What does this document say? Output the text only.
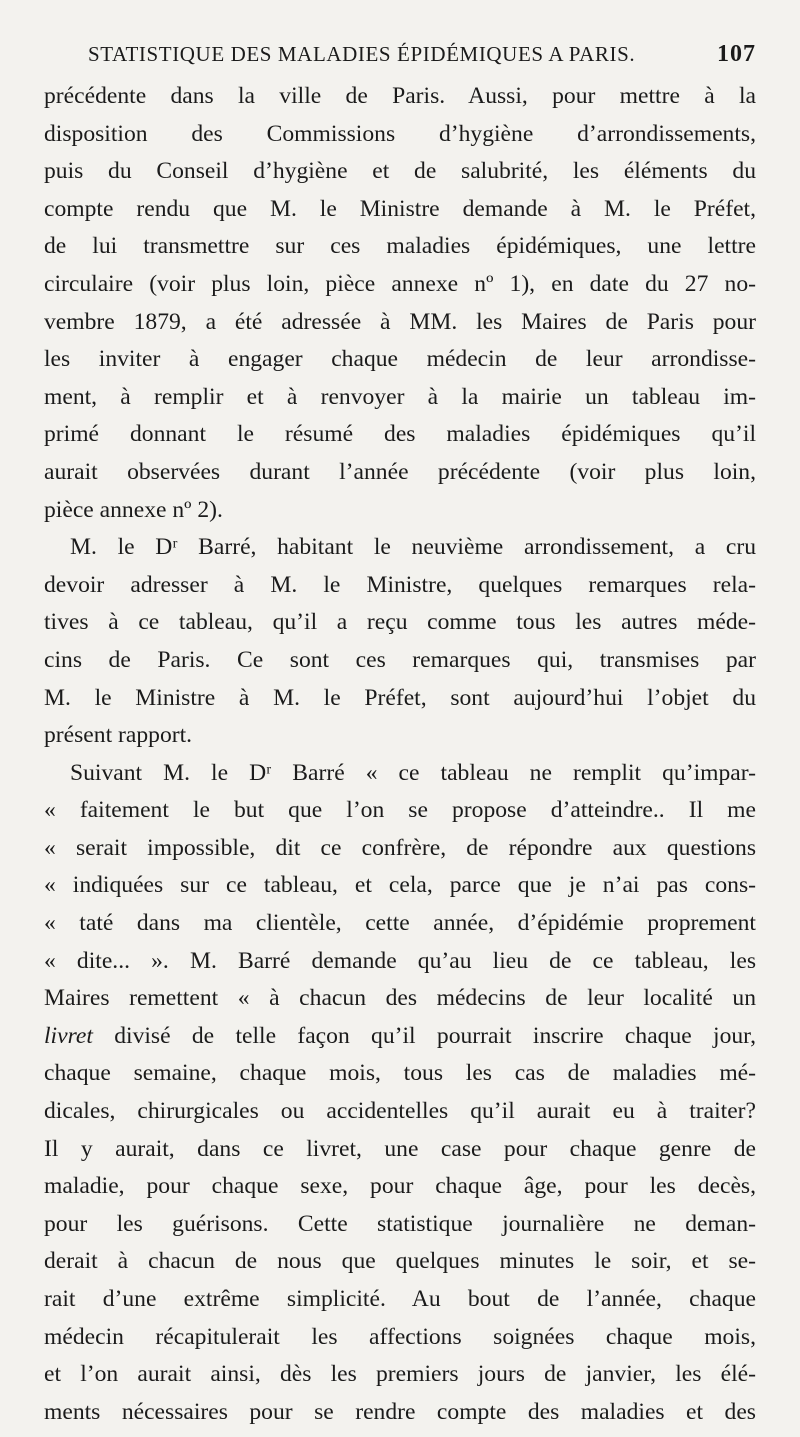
STATISTIQUE DES MALADIES ÉPIDÉMIQUES A PARIS.	107
précédente dans la ville de Paris. Aussi, pour mettre à la
disposition des Commissions d’hygiène d’arrondissements,
puis du Conseil d’hygiène et de salubrité, les éléments du
compte rendu que M. le Ministre demande à M. le Préfet,
de lui transmettre sur ces maladies épidémiques, une lettre
circulaire (voir plus loin, pièce annexe nº 1), en date du 27 no-
vembre 1879, a été adressée à MM. les Maires de Paris pour
les inviter à engager chaque médecin de leur arrondisse-
ment, à remplir et à renvoyer à la mairie un tableau im-
primé donnant le résumé des maladies épidémiques qu’il
aurait observées durant l’année précédente (voir plus loin,
pièce annexe nº 2).
M. le Dʳ Barré, habitant le neuvième arrondissement, a cru
devoir adresser à M. le Ministre, quelques remarques rela-
tives à ce tableau, qu’il a reçu comme tous les autres méde-
cins de Paris. Ce sont ces remarques qui, transmises par
M. le Ministre à M. le Préfet, sont aujourd’hui l’objet du
présent rapport.
Suivant M. le Dʳ Barré « ce tableau ne remplit qu’impar-
« faitement le but que l’on se propose d’atteindre.. Il me
« serait impossible, dit ce confrère, de répondre aux questions
« indiquées sur ce tableau, et cela, parce que je n’ai pas cons-
« taté dans ma clientèle, cette année, d’épidémie proprement
« dite... ». M. Barré demande qu’au lieu de ce tableau, les
Maires remettent « à chacun des médecins de leur localité un
livret divisé de telle façon qu’il pourrait inscrire chaque jour,
chaque semaine, chaque mois, tous les cas de maladies mé-
dicales, chirurgicales ou accidentelles qu’il aurait eu à traiter?
Il y aurait, dans ce livret, une case pour chaque genre de
maladie, pour chaque sexe, pour chaque âge, pour les decès,
pour les guérisons. Cette statistique journalière ne deman-
derait à chacun de nous que quelques minutes le soir, et se-
rait d’une extrême simplicité. Au bout de l’année, chaque
médecin récapitulerait les affections soignées chaque mois,
et l’on aurait ainsi, dès les premiers jours de janvier, les élé-
ments nécessaires pour se rendre compte des maladies et des
